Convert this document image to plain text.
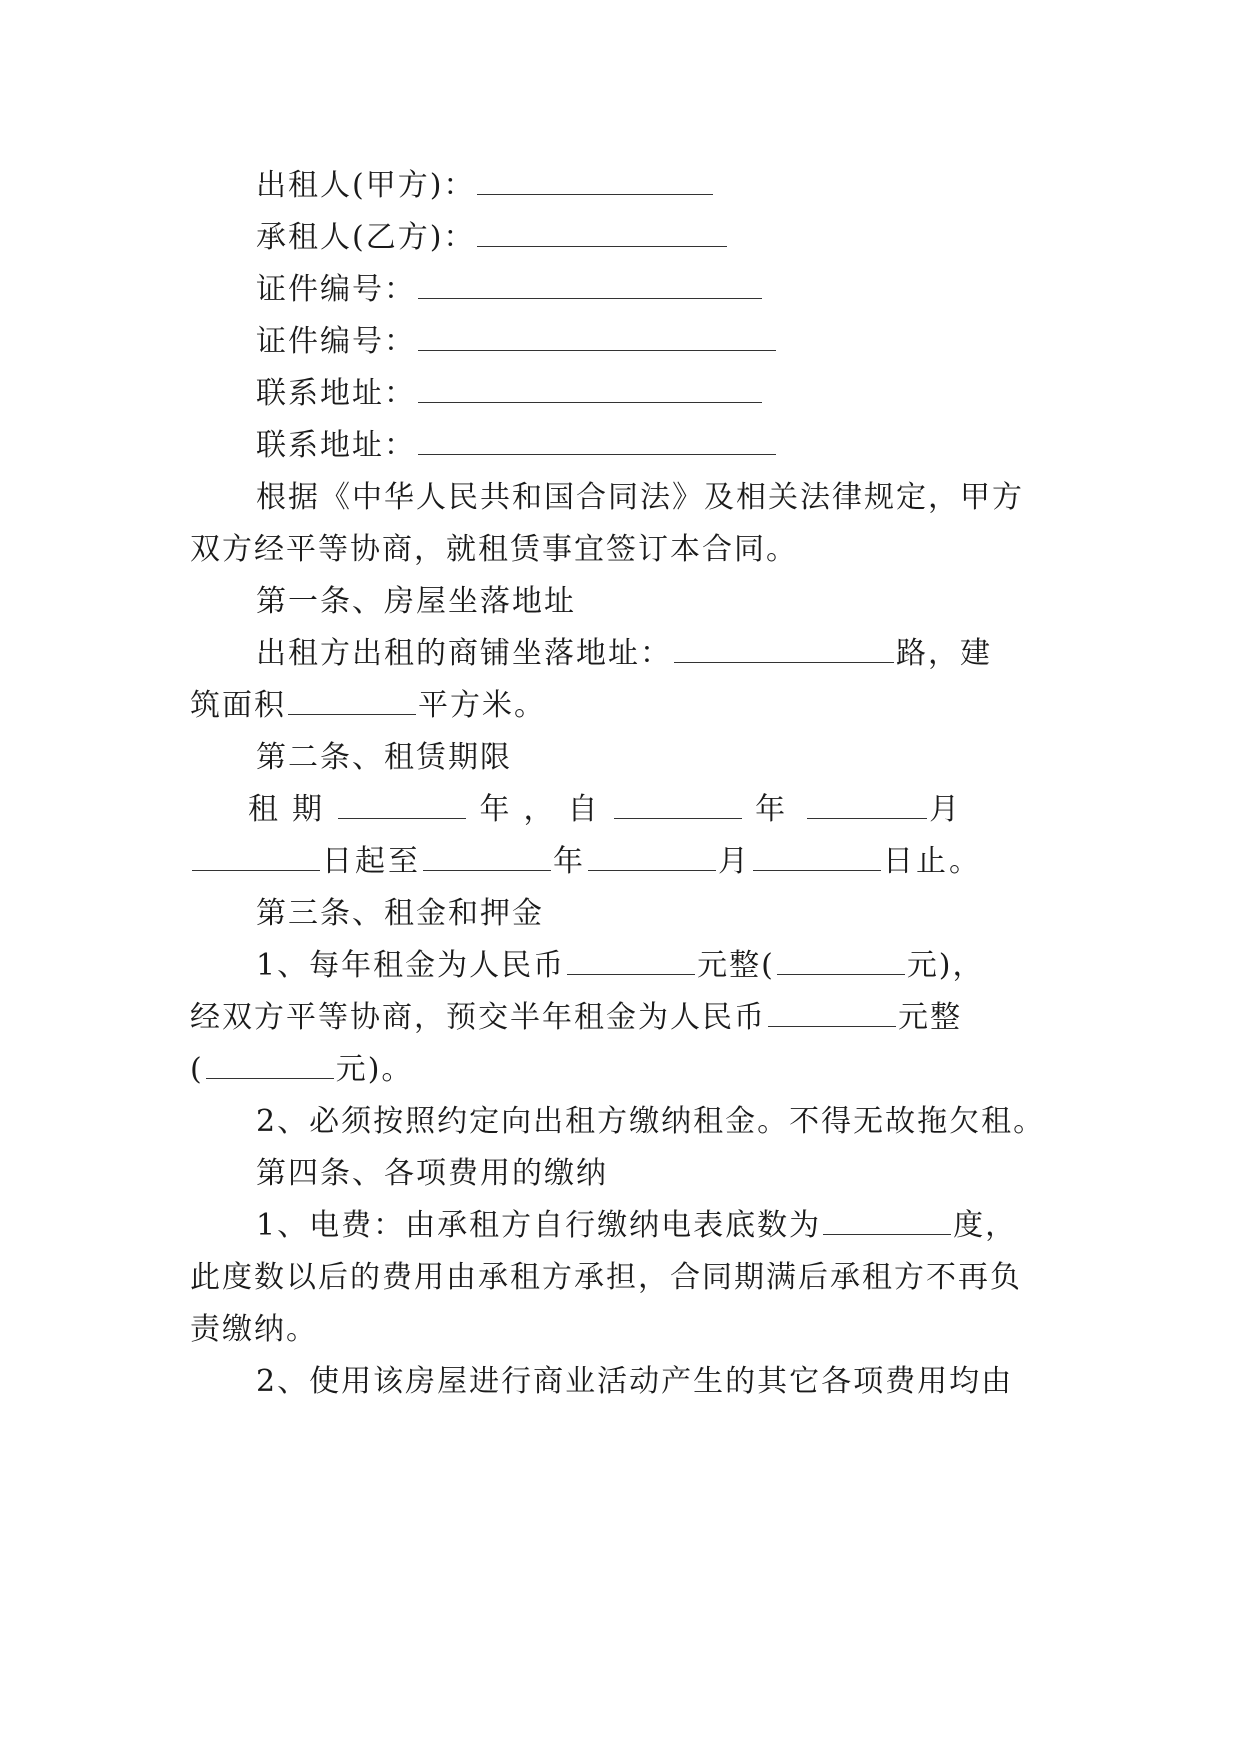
出租人(甲方)：
承租人(乙方)：
证件编号：
证件编号：
联系地址：
联系地址：
根据《中华人民共和国合同法》及相关法律规定，甲方
双方经平等协商，就租赁事宜签订本合同。
第一条、房屋坐落地址
出租方出租的商铺坐落地址：	路，建
筑面积	平方米。
第二条、租赁期限
租期	年，自	年	月
日起至	年	月	日止。
第三条、租金和押金
1、每年租金为人民币	元整(	元)，
经双方平等协商，预交半年租金为人民币	元整
(	元)。
2、必须按照约定向出租方缴纳租金。不得无故拖欠租。
第四条、各项费用的缴纳
1、电费：由承租方自行缴纳电表底数为	度，
此度数以后的费用由承租方承担，合同期满后承租方不再负
责缴纳。
2、使用该房屋进行商业活动产生的其它各项费用均由
